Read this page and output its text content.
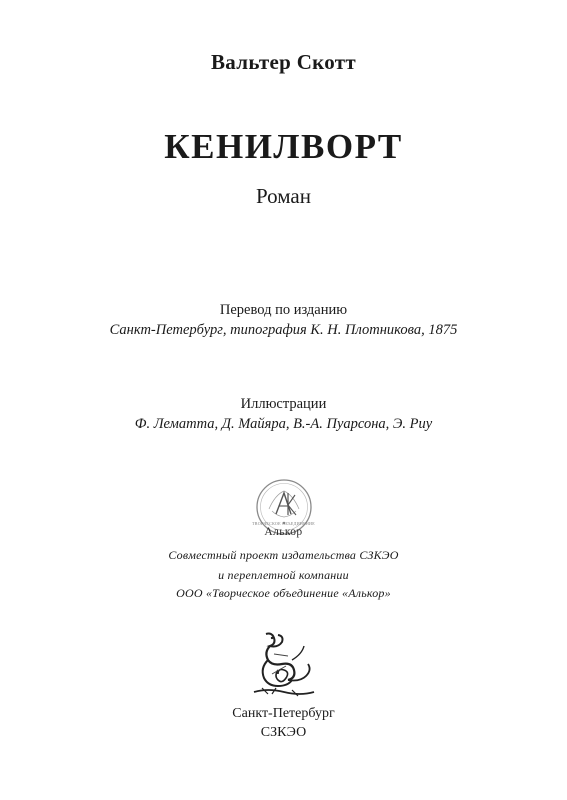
Вальтер Скотт
КЕНИЛВОРТ
Роман
Перевод по изданию
Санкт-Петербург, типография К. Н. Плотникова, 1875
Иллюстрации
Ф. Лематта, Д. Майяра, В.-А. Пуарсона, Э. Риу
ТВОРЧЕСКОЕ ОБЪЕДИНЕНИЕ
Алькор
Совместный проект издательства СЗКЭО
и переплетной компании
ООО «Творческое объединение «Алькор»
Санкт-Петербург
СЗКЭО
